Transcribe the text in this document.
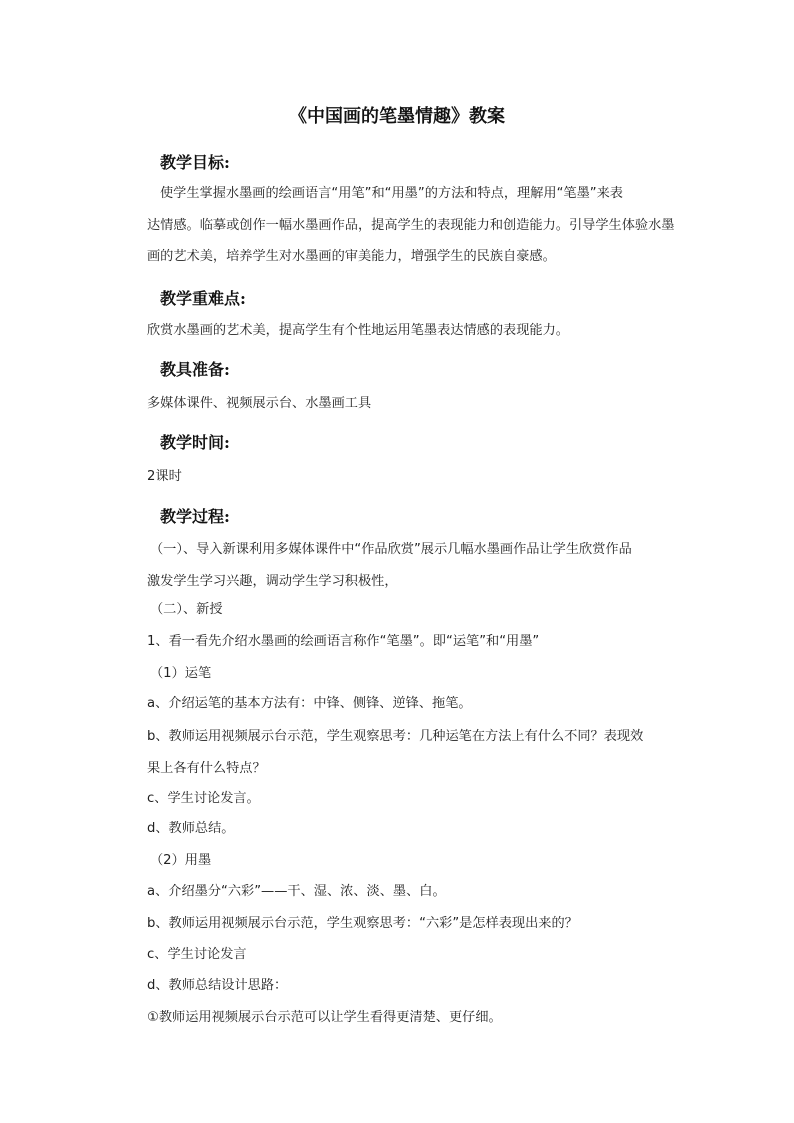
《中国画的笔墨情趣》教案
教学目标:
使学生掌握水墨画的绘画语言“用笔”和“用墨”的方法和特点，理解用“笔墨”来表
达情感。临摹或创作一幅水墨画作品，提高学生的表现能力和创造能力。引导学生体验水墨
画的艺术美，培养学生对水墨画的审美能力，增强学生的民族自豪感。
教学重难点:
欣赏水墨画的艺术美，提高学生有个性地运用笔墨表达情感的表现能力。
教具准备:
多媒体课件、视频展示台、水墨画工具
教学时间:
2课时
教学过程:
（一）、导入新课利用多媒体课件中“作品欣赏”展示几幅水墨画作品让学生欣赏作品
激发学生学习兴趣，调动学生学习积极性，
（二）、新授
1、看一看先介绍水墨画的绘画语言称作“笔墨”。即“运笔”和“用墨”
（1）运笔
a、介绍运笔的基本方法有：中锋、侧锋、逆锋、拖笔。
b、教师运用视频展示台示范，学生观察思考：几种运笔在方法上有什么不同？表现效
果上各有什么特点？
c、学生讨论发言。
d、教师总结。
（2）用墨
a、介绍墨分“六彩”——干、湿、浓、淡、墨、白。
b、教师运用视频展示台示范，学生观察思考：“六彩”是怎样表现出来的？
c、学生讨论发言
d、教师总结设计思路：
①教师运用视频展示台示范可以让学生看得更清楚、更仔细。
